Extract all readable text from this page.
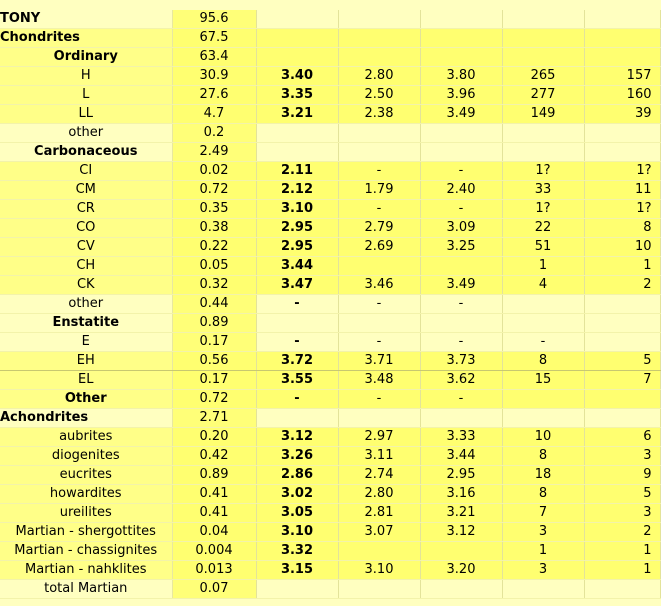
TONY	95.6					

Chondrites	67.5					

Ordinary	63.4					

H	30.9	3.40	2.80	3.80	265	157

L	27.6	3.35	2.50	3.96	277	160

LL	4.7	3.21	2.38	3.49	149	39

other	0.2					

Carbonaceous	2.49					

CI	0.02	2.11	-	-	1?	1?

CM	0.72	2.12	1.79	2.40	33	11

CR	0.35	3.10	-	-	1?	1?

CO	0.38	2.95	2.79	3.09	22	8

CV	0.22	2.95	2.69	3.25	51	10

CH	0.05	3.44			1	1

CK	0.32	3.47	3.46	3.49	4	2

other	0.44	-	-	-		

Enstatite	0.89					

E	0.17	-	-	-	-	

EH	0.56	3.72	3.71	3.73	8	5

EL	0.17	3.55	3.48	3.62	15	7

Other	0.72	-	-	-		

Achondrites	2.71					

aubrites	0.20	3.12	2.97	3.33	10	6

diogenites	0.42	3.26	3.11	3.44	8	3

eucrites	0.89	2.86	2.74	2.95	18	9

howardites	0.41	3.02	2.80	3.16	8	5

ureilites	0.41	3.05	2.81	3.21	7	3

Martian - shergottites	0.04	3.10	3.07	3.12	3	2

Martian - chassignites	0.004	3.32			1	1

Martian - nahklites	0.013	3.15	3.10	3.20	3	1

total Martian	0.07					
